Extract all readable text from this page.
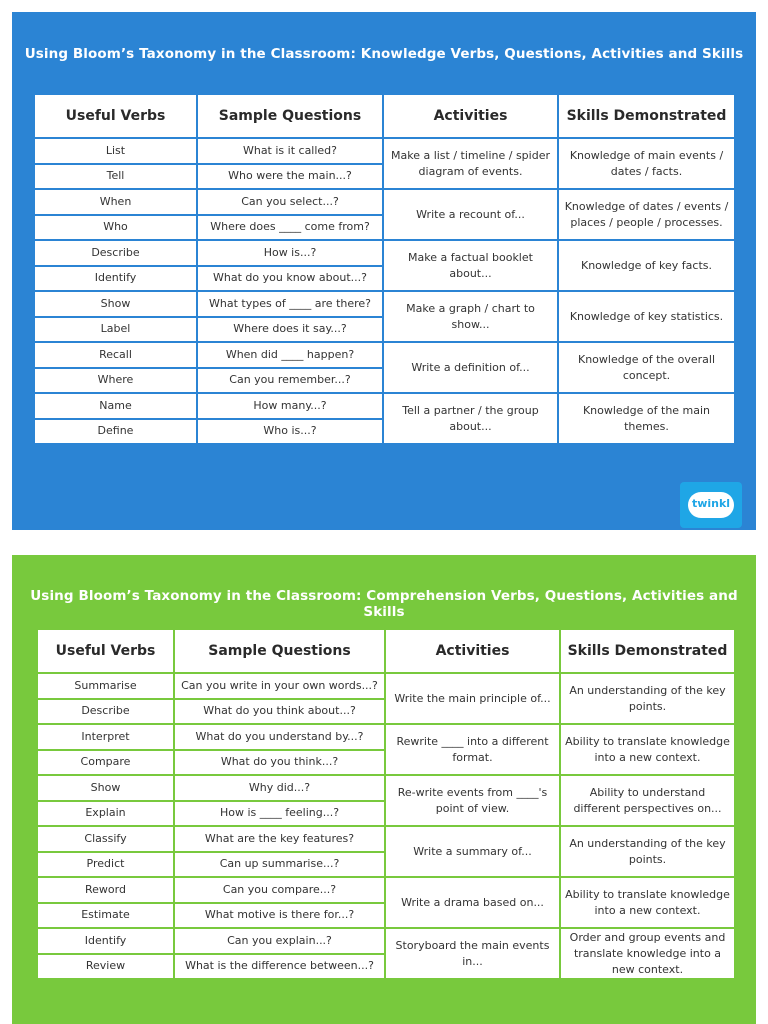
Using Bloom’s Taxonomy in the Classroom: Knowledge Verbs, Questions, Activities and Skills
Useful Verbs	Sample Questions	Activities	Skills Demonstrated
List	What is it called?	Make a list / timeline / spider diagram of events.	Knowledge of main events / dates / facts.
Tell	Who were the main...?		
When	Can you select...?	Write a recount of...	Knowledge of dates / events / places / people / processes.
Who	Where does ____ come from?		
Describe	How is...?	Make a factual booklet about...	Knowledge of key facts.
Identify	What do you know about...?		
Show	What types of ____ are there?	Make a graph / chart to show...	Knowledge of key statistics.
Label	Where does it say...?		
Recall	When did ____ happen?	Write a definition of...	Knowledge of the overall concept.
Where	Can you remember...?		
Name	How many...?	Tell a partner / the group about...	Knowledge of the main themes.
Define	Who is...?		
twinkl
Using Bloom’s Taxonomy in the Classroom: Comprehension Verbs, Questions, Activities and Skills
Useful Verbs	Sample Questions	Activities	Skills Demonstrated
Summarise	Can you write in your own words...?	Write the main principle of...	An understanding of the key points.
Describe	What do you think about...?		
Interpret	What do you understand by...?	Rewrite ____ into a different format.	Ability to translate knowledge into a new context.
Compare	What do you think...?		
Show	Why did...?	Re-write events from ____'s point of view.	Ability to understand different perspectives on...
Explain	How is ____ feeling...?		
Classify	What are the key features?	Write a summary of...	An understanding of the key points.
Predict	Can up summarise...?		
Reword	Can you compare...?	Write a drama based on...	Ability to translate knowledge into a new context.
Estimate	What motive is there for...?		
Identify	Can you explain...?	Storyboard the main events in...	Order and group events and translate knowledge into a new context.
Review	What is the difference between...?		
